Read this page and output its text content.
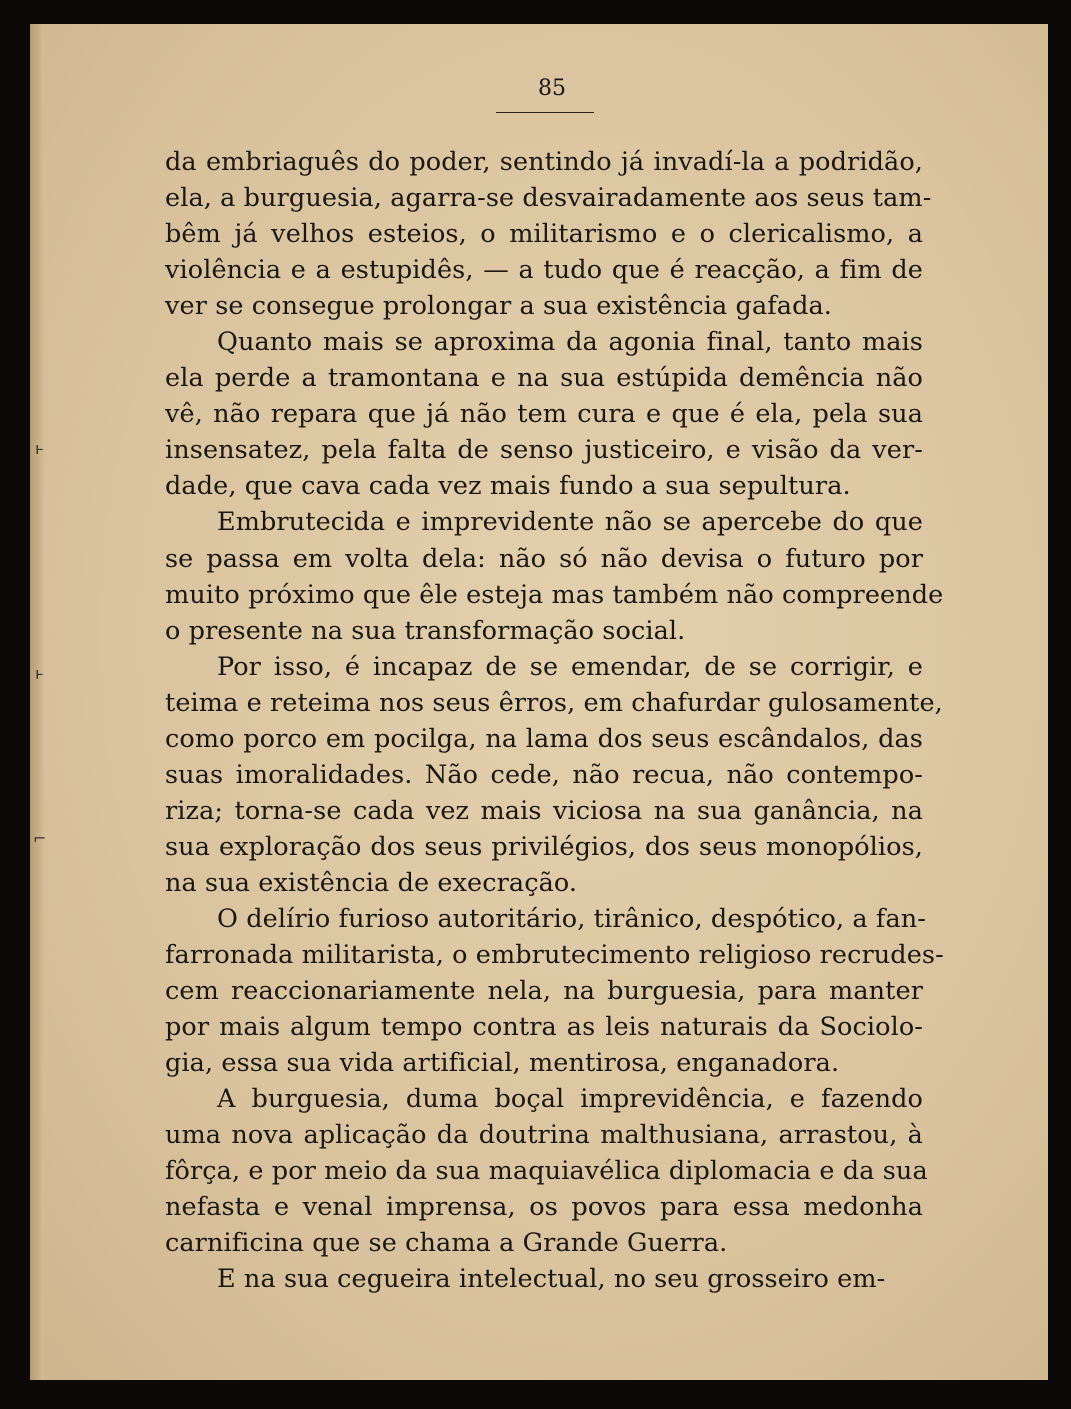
85
da embriaguês do poder, sentindo já invadí-la a podridão,
ela, a burguesia, agarra-se desvairadamente aos seus tam-
bêm já velhos esteios, o militarismo e o clericalismo, a
violência e a estupidês, — a tudo que é reacção, a fim de
ver se consegue prolongar a sua existência gafada.
Quanto mais se aproxima da agonia final, tanto mais
ela perde a tramontana e na sua estúpida demência não
vê, não repara que já não tem cura e que é ela, pela sua
insensatez, pela falta de senso justiceiro, e visão da ver-
dade, que cava cada vez mais fundo a sua sepultura.
Embrutecida e imprevidente não se apercebe do que
se passa em volta dela: não só não devisa o futuro por
muito próximo que êle esteja mas também não compreende
o presente na sua transformação social.
Por isso, é incapaz de se emendar, de se corrigir, e
teima e reteima nos seus êrros, em chafurdar gulosamente,
como porco em pocilga, na lama dos seus escândalos, das
suas imoralidades. Não cede, não recua, não contempo-
riza; torna-se cada vez mais viciosa na sua ganância, na
sua exploração dos seus privilégios, dos seus monopólios,
na sua existência de execração.
O delírio furioso autoritário, tirânico, despótico, a fan-
farronada militarista, o embrutecimento religioso recrudes-
cem reaccionariamente nela, na burguesia, para manter
por mais algum tempo contra as leis naturais da Sociolo-
gia, essa sua vida artificial, mentirosa, enganadora.
A burguesia, duma boçal imprevidência, e fazendo
uma nova aplicação da doutrina malthusiana, arrastou, à
fôrça, e por meio da sua maquiavélica diplomacia e da sua
nefasta e venal imprensa, os povos para essa medonha
carnificina que se chama a Grande Guerra.
E na sua cegueira intelectual, no seu grosseiro em-
ⱶ
ⱶ
⌐
